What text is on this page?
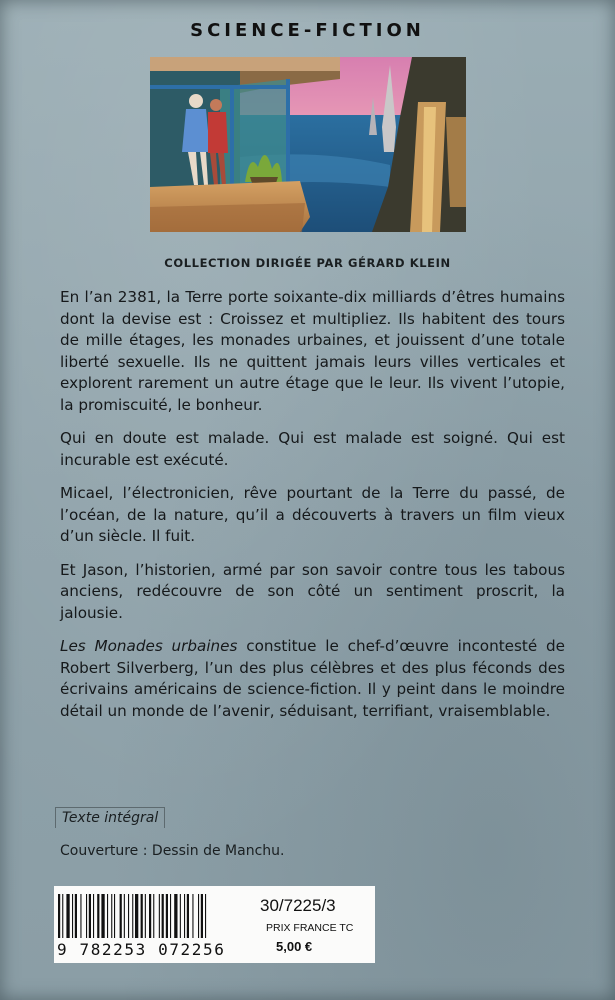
SCIENCE-FICTION
COLLECTION DIRIGÉE PAR GÉRARD KLEIN

En l’an 2381, la Terre porte soixante-dix milliards d’êtres humains dont la devise est : Croissez et multipliez. Ils habitent des tours de mille étages, les monades urbaines, et jouissent d’une totale liberté sexuelle. Ils ne quittent jamais leurs villes verticales et explorent rarement un autre étage que le leur. Ils vivent l’utopie, la promiscuité, le bonheur.

Qui en doute est malade. Qui est malade est soigné. Qui est incurable est exécuté.

Micael, l’électronicien, rêve pourtant de la Terre du passé, de l’océan, de la nature, qu’il a découverts à travers un film vieux d’un siècle. Il fuit.

Et Jason, l’historien, armé par son savoir contre tous les tabous anciens, redécouvre de son côté un sentiment proscrit, la jalousie.

Les Monades urbaines constitue le chef-d’œuvre incontesté de Robert Silverberg, l’un des plus célèbres et des plus féconds des écrivains américains de science-fiction. Il y peint dans le moindre détail un monde de l’avenir, séduisant, terrifiant, vraisemblable.

Texte intégral
Couverture : Dessin de Manchu.
9 782253 072256
30/7225/3
PRIX FRANCE TC
5,00 €
